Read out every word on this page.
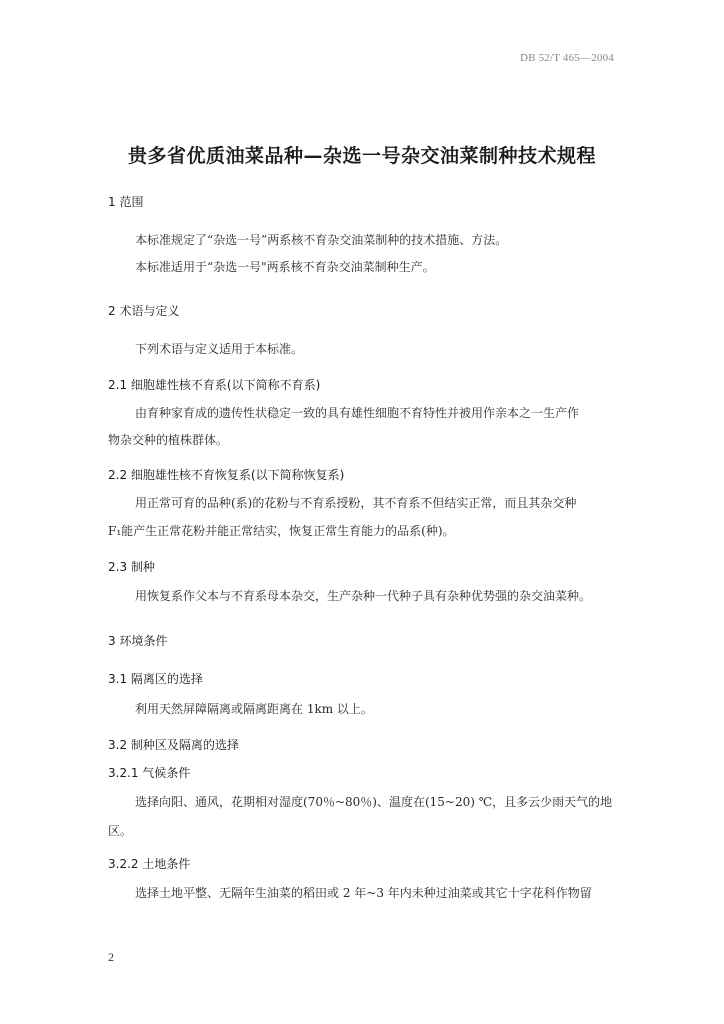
DB 52/T 465—2004
贵多省优质油菜品种—杂选一号杂交油菜制种技术规程
1 范围
本标准规定了“杂选一号”两系核不育杂交油菜制种的技术措施、方法。
本标准适用于“杂选一号"两系核不育杂交油菜制种生产。
2 术语与定义
下列术语与定义适用于本标准。
2.1 细胞雄性核不育系(以下简称不育系)
由育种家育成的遗传性状稳定一致的具有雄性细胞不育特性并被用作亲本之一生产作
物杂交种的植株群体。
2.2 细胞雄性核不育恢复系(以下简称恢复系)
用正常可育的品种(系)的花粉与不育系授粉，其不育系不但结实正常，而且其杂交种
F₁能产生正常花粉并能正常结实，恢复正常生育能力的品系(种)。
2.3 制种
用恢复系作父本与不育系母本杂交，生产杂种一代种子具有杂种优势强的杂交油菜种。
3 环境条件
3.1 隔离区的选择
利用天然屏障隔离或隔离距离在 1km 以上。
3.2 制种区及隔离的选择
3.2.1 气候条件
选择向阳、通风，花期相对湿度(70％~80％)、温度在(15~20) ℃，且多云少雨天气的地
区。
3.2.2 土地条件
选择土地平整、无隔年生油菜的稻田或 2 年~3 年内未种过油菜或其它十字花科作物留
2
